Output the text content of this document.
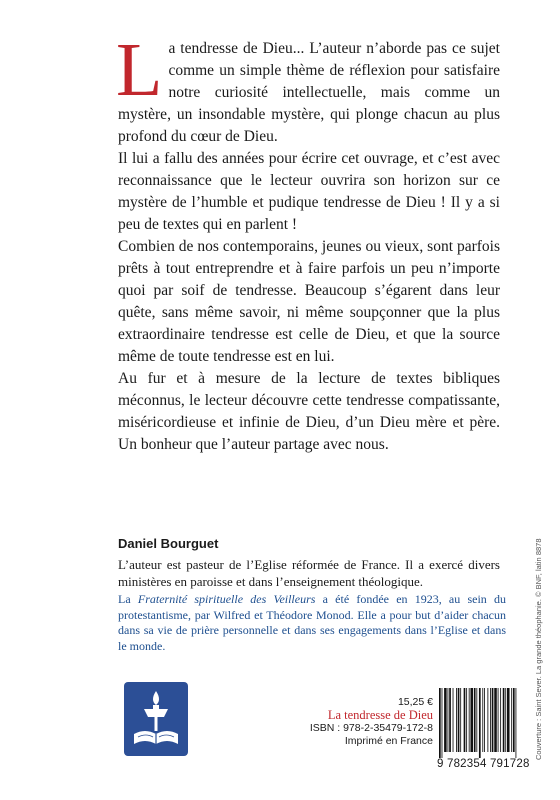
La tendresse de Dieu... L’auteur n’aborde pas ce sujet comme un simple thème de réflexion pour satisfaire notre curiosité intellectuelle, mais comme un mystère, un insondable mystère, qui plonge chacun au plus profond du cœur de Dieu.

Il lui a fallu des années pour écrire cet ouvrage, et c’est avec reconnaissance que le lecteur ouvrira son horizon sur ce mystère de l’humble et pudique tendresse de Dieu ! Il y a si peu de textes qui en parlent !

Combien de nos contemporains, jeunes ou vieux, sont parfois prêts à tout entreprendre et à faire parfois un peu n’importe quoi par soif de tendresse. Beaucoup s’égarent dans leur quête, sans même savoir, ni même soupçonner que la plus extraordinaire tendresse est celle de Dieu, et que la source même de toute tendresse est en lui.

Au fur et à mesure de la lecture de textes bibliques méconnus, le lecteur découvre cette tendresse compatissante, miséricordieuse et infinie de Dieu, d’un Dieu mère et père. Un bonheur que l’auteur partage avec nous.

Daniel Bourguet

L’auteur est pasteur de l’Eglise réformée de France. Il a exercé divers ministères en paroisse et dans l’enseignement théologique.

La Fraternité spirituelle des Veilleurs a été fondée en 1923, au sein du protestantisme, par Wilfred et Théodore Monod. Elle a pour but d’aider chacun dans sa vie de prière personnelle et dans ses engagements dans l’Eglise et dans le monde.

15,25 €
La tendresse de Dieu
ISBN : 978-2-35479-172-8
Imprimé en France
9 782354 791728
Couverture : Saint Sever. La grande théophanie. © BNF, latin 8878
